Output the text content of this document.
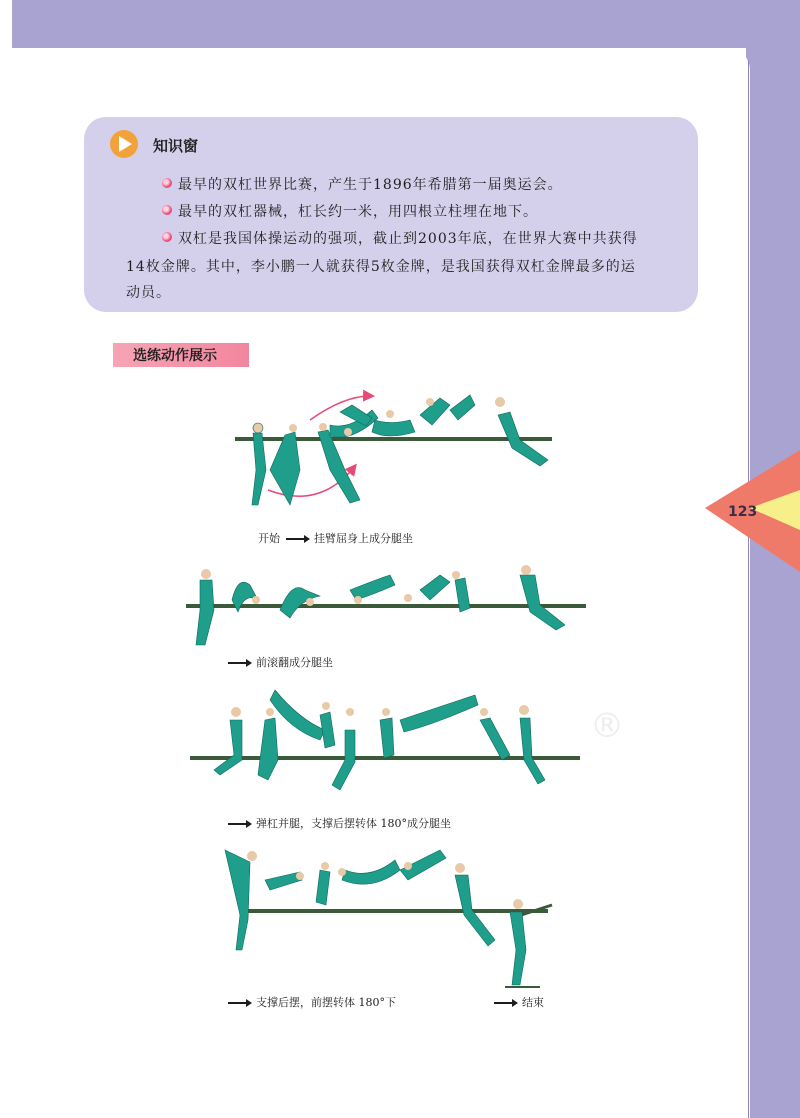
123
知识窗

最早的双杠世界比赛，产生于1896年希腊第一届奥运会。

最早的双杠器械，杠长约一米，用四根立柱埋在地下。

双杠是我国体操运动的强项，截止到2003年底，在世界大赛中共获得

14枚金牌。其中，李小鹏一人就获得5枚金牌，是我国获得双杠金牌最多的运

动员。

选练动作展示
®
开始	挂臂屈身上成分腿坐
前滚翻成分腿坐
弹杠并腿，支撑后摆转体 180°成分腿坐
支撑后摆，前摆转体 180°下	结束
